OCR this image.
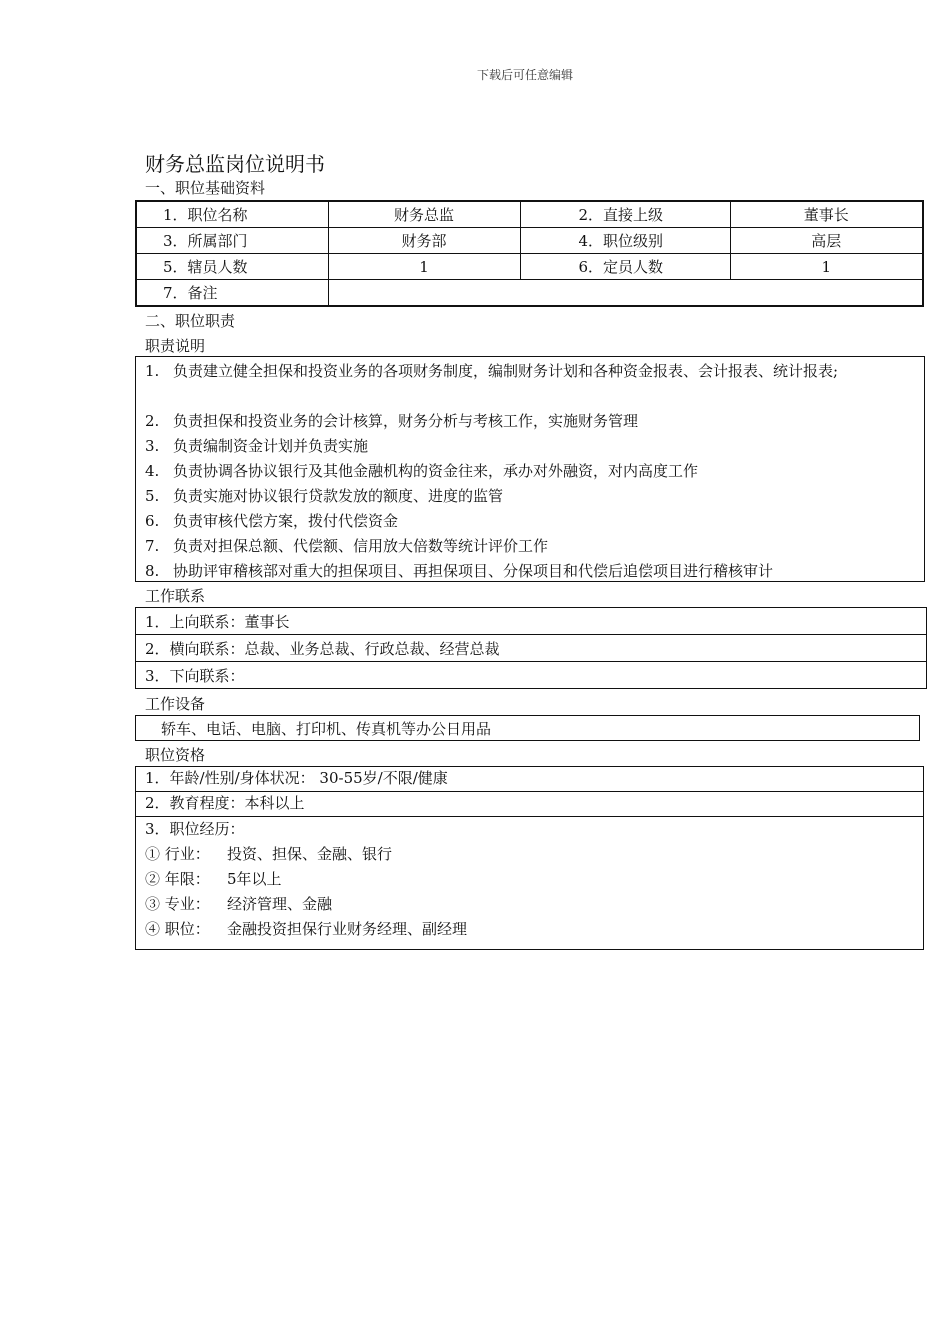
下载后可任意编辑
财务总监岗位说明书
一、职位基础资料
1．职位名称	财务总监	2．直接上级	董事长
3．所属部门	财务部	4．职位级别	高层
5．辖员人数	1	6．定员人数	1
7．备注			
二、职位职责
职责说明
1. 负责建立健全担保和投资业务的各项财务制度，编制财务计划和各种资金报表、会计报表、统计报表;
2. 负责担保和投资业务的会计核算，财务分析与考核工作，实施财务管理
3. 负责编制资金计划并负责实施
4. 负责协调各协议银行及其他金融机构的资金往来，承办对外融资，对内高度工作
5. 负责实施对协议银行贷款发放的额度、进度的监管
6. 负责审核代偿方案，拨付代偿资金
7. 负责对担保总额、代偿额、信用放大倍数等统计评价工作
8. 协助评审稽核部对重大的担保项目、再担保项目、分保项目和代偿后追偿项目进行稽核审计
工作联系
1．上向联系：董事长
2．横向联系：总裁、业务总裁、行政总裁、经营总裁
3．下向联系：
工作设备
轿车、电话、电脑、打印机、传真机等办公日用品
职位资格
1．年龄/性别/身体状况： 30-55岁/不限/健康
2．教育程度：本科以上

3．职位经历：
① 行业： 投资、担保、金融、银行
② 年限： 5年以上
③ 专业： 经济管理、金融
④ 职位： 金融投资担保行业财务经理、副经理
